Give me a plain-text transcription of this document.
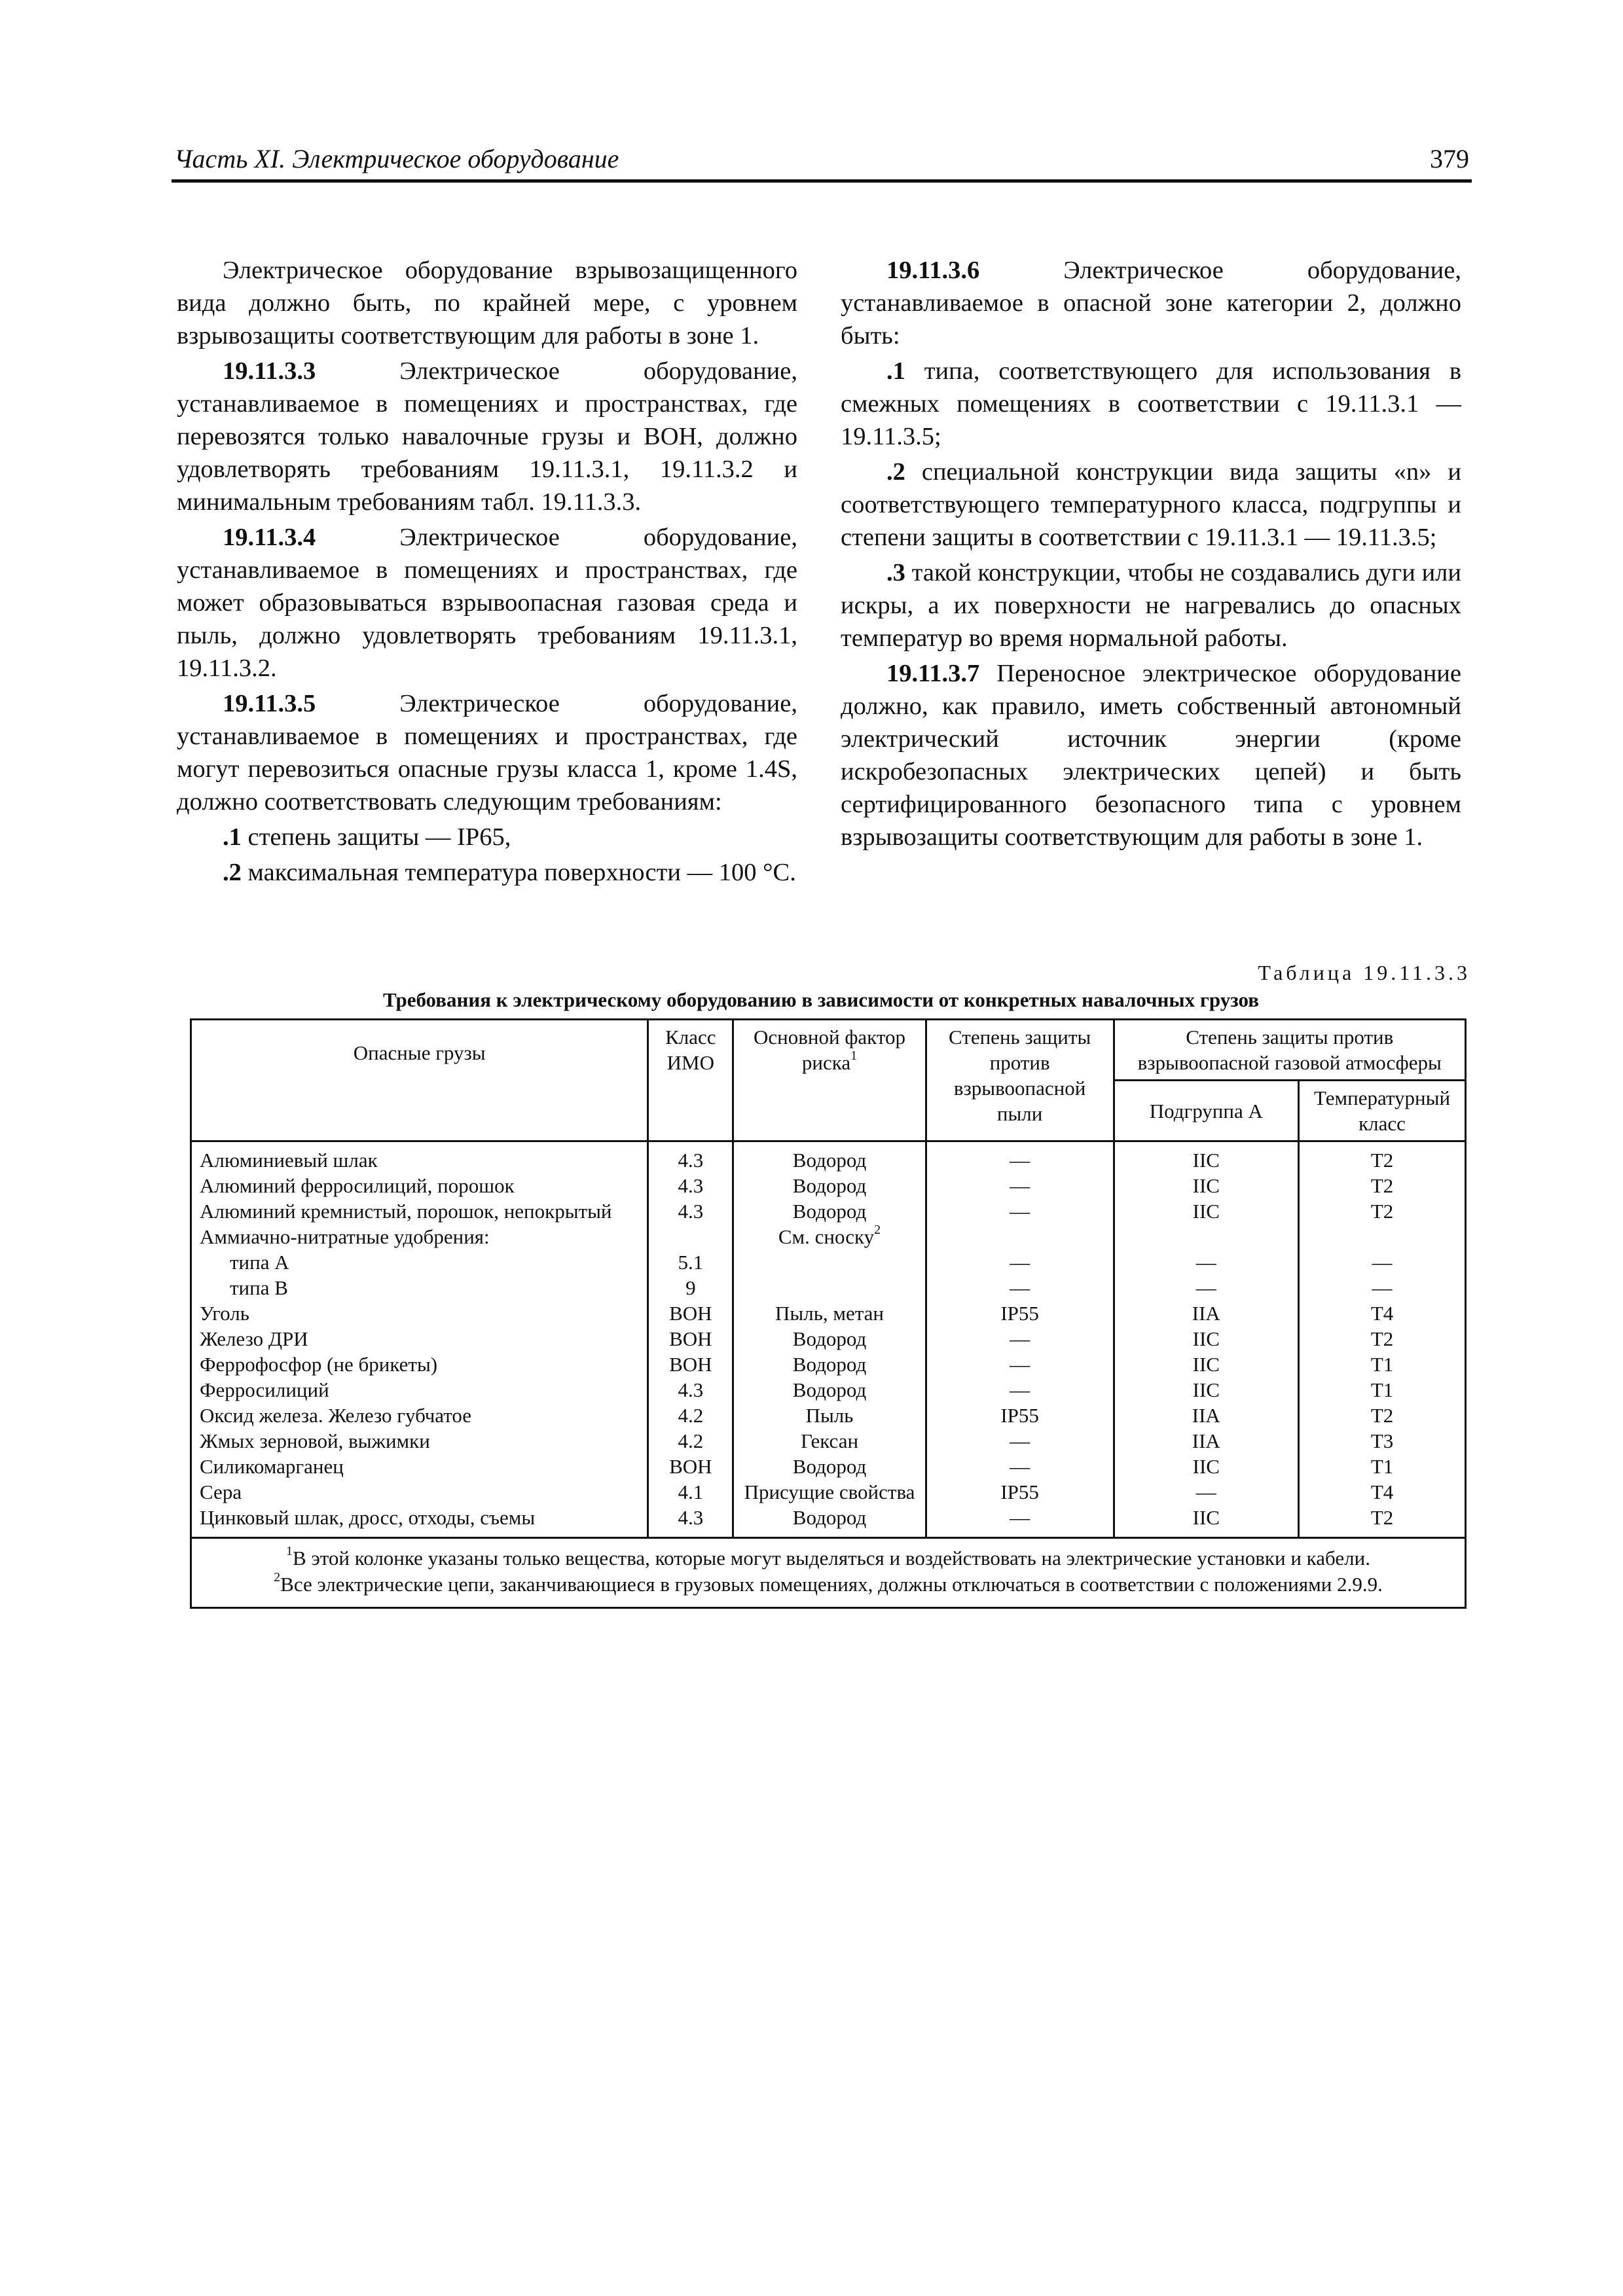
Часть XI. Электрическое оборудование	379

Электрическое оборудование взрывозащищенного вида должно быть, по крайней мере, с уровнем взрывозащиты соответствующим для работы в зоне 1.

19.11.3.3 Электрическое оборудование, устанавливаемое в помещениях и пространствах, где перевозятся только навалочные грузы и ВОН, должно удовлетворять требованиям 19.11.3.1, 19.11.3.2 и минимальным требованиям табл. 19.11.3.3.

19.11.3.4 Электрическое оборудование, устанавливаемое в помещениях и пространствах, где может образовываться взрывоопасная газовая среда и пыль, должно удовлетворять требованиям 19.11.3.1, 19.11.3.2.

19.11.3.5 Электрическое оборудование, устанавливаемое в помещениях и пространствах, где могут перевозиться опасные грузы класса 1, кроме 1.4S, должно соответствовать следующим требованиям:

.1 степень защиты — IP65,

.2 максимальная температура поверхности — 100 °С.

19.11.3.6 Электрическое оборудование, устанавливаемое в опасной зоне категории 2, должно быть:

.1 типа, соответствующего для использования в смежных помещениях в соответствии с 19.11.3.1 — 19.11.3.5;

.2 специальной конструкции вида защиты «n» и соответствующего температурного класса, подгруппы и степени защиты в соответствии с 19.11.3.1 — 19.11.3.5;

.3 такой конструкции, чтобы не создавались дуги или искры, а их поверхности не нагревались до опасных температур во время нормальной работы.

19.11.3.7 Переносное электрическое оборудование должно, как правило, иметь собственный автономный электрический источник энергии (кроме искробезопасных электрических цепей) и быть сертифицированного безопасного типа с уровнем взрывозащиты соответствующим для работы в зоне 1.

Таблица 19.11.3.3
Требования к электрическому оборудованию в зависимости от конкретных навалочных грузов
Опасные грузы	Класс ИМО	Основной фактор риска$^1$	Степень защиты против взрывоопасной пыли	Степень защиты против взрывоопасной газовой атмосферы	
				Подгруппа А	Температурный класс
Алюминиевый шлак	4.3	Водород	—	IIC	T2
Алюминий ферросилиций, порошок	4.3	Водород	—	IIC	T2
Алюминий кремнистый, порошок, непокрытый	4.3	Водород	—	IIC	T2
Аммиачно-нитратные удобрения:		См. сноску$^2$			
типа А	5.1		—	—	—
типа В	9		—	—	—
Уголь	ВОН	Пыль, метан	IP55	IIA	T4
Железо ДРИ	ВОН	Водород	—	IIC	T2
Феррофосфор (не брикеты)	ВОН	Водород	—	IIC	T1
Ферросилиций	4.3	Водород	—	IIC	T1
Оксид железа. Железо губчатое	4.2	Пыль	IP55	IIA	T2
Жмых зерновой, выжимки	4.2	Гексан	—	IIA	T3
Силикомарганец	ВОН	Водород	—	IIC	T1
Сера	4.1	Присущие свойства	IP55	—	T4
Цинковый шлак, дросс, отходы, съемы	4.3	Водород	—	IIC	T2

$^1$В этой колонке указаны только вещества, которые могут выделяться и воздействовать на электрические установки и кабели.
$^2$Все электрические цепи, заканчивающиеся в грузовых помещениях, должны отключаться в соответствии с положениями 2.9.9.					
